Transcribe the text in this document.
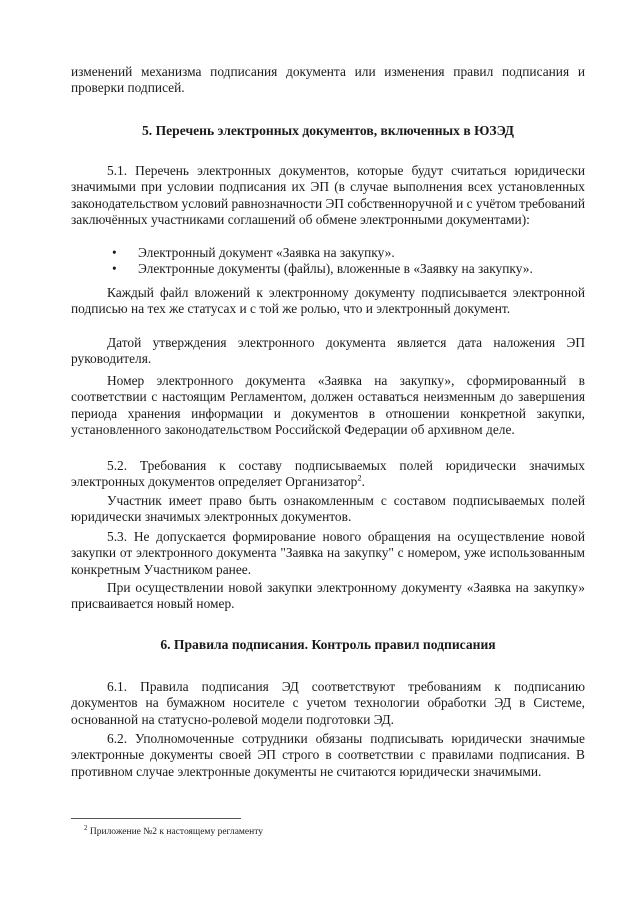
изменений механизма подписания документа или изменения правил подписания и проверки подписей.

5. Перечень электронных документов, включенных в ЮЗЭД

5.1. Перечень электронных документов, которые будут считаться юридически значимыми при условии подписания их ЭП (в случае выполнения всех установленных законодательством условий равнозначности ЭП собственноручной и с учётом требований заключённых участниками соглашений об обмене электронными документами):

• Электронный документ «Заявка на закупку».
• Электронные документы (файлы), вложенные в «Заявку на закупку».

Каждый файл вложений к электронному документу подписывается электронной подписью на тех же статусах и с той же ролью, что и электронный документ.

Датой утверждения электронного документа является дата наложения ЭП руководителя.

Номер электронного документа «Заявка на закупку», сформированный в соответствии с настоящим Регламентом, должен оставаться неизменным до завершения периода хранения информации и документов в отношении конкретной закупки, установленного законодательством Российской Федерации об архивном деле.

5.2. Требования к составу подписываемых полей юридически значимых электронных документов определяет Организатор$^2$.

Участник имеет право быть ознакомленным с составом подписываемых полей юридически значимых электронных документов.

5.3. Не допускается формирование нового обращения на осуществление новой закупки от электронного документа "Заявка на закупку" с номером, уже использованным конкретным Участником ранее.

При осуществлении новой закупки электронному документу «Заявка на закупку» присваивается новый номер.

6. Правила подписания. Контроль правил подписания

6.1. Правила подписания ЭД соответствуют требованиям к подписанию документов на бумажном носителе с учетом технологии обработки ЭД в Системе, основанной на статусно-ролевой модели подготовки ЭД.

6.2. Уполномоченные сотрудники обязаны подписывать юридически значимые электронные документы своей ЭП строго в соответствии с правилами подписания. В противном случае электронные документы не считаются юридически значимыми.

$^2$ Приложение №2 к настоящему регламенту
